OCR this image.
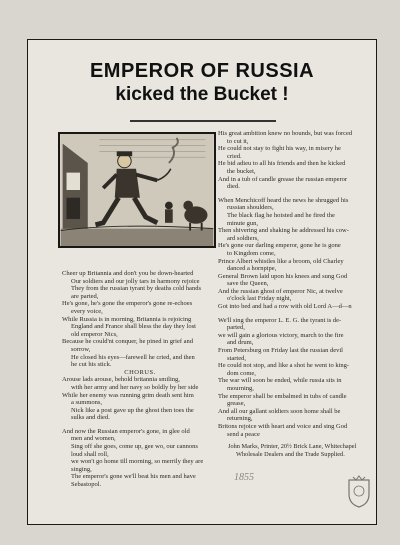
EMPEROR OF RUSSIA
kicked the Bucket !

Cheer up Britannia and don't you be down-hearted

Our soldiers and our jolly tars in harmony rejoice

They from the russian tyrant by deaths cold hands

are parted,

He's gone, he's gone the emperor's gone re-echoes

every voice,

While Russia is in morning, Britannia is rejoicing

England and France shall bless the day they lost

old emperor Nics,

Because he could'nt conquer, he pined in grief and

sorrow,

He closed his eyes—farewell he cried, and then

he cut his stick.

CHORUS.

Arouse lads arouse, behold britannia smiling,

with her army and her navy so boldly by her side

While her enemy was running grim death sent him

a summons,

Nick like a post gave up the ghost then toes the

sulks and died.

And now the Russian emperor's gone, in glee old

men and women,

Sing off she goes, come up, gee wo, our cannons

loud shall roll,

we won't go home till morning, so merrily they are

singing,

The emperor's gone we'll beat his men and have

Sebastopol.

His great ambition knew no bounds, but was forced

to cut it,

He could not stay to fight his way, in misery he

cried.

He bid adieu to all his friends and then he kicked

the bucket,

And in a tub of candle grease the russian emperor

died.

When Menchicoff heard the news he shrugged his

russian shoulders,

The black flag he hoisted and he fired the

minute gun,

Then shivering and shaking he addressed his cow-

ard soldiers,

He's gone our darling emperor, gone he is gone

to Kingdom come,

Prince Albert whistles like a broom, old Charley

danced a hornpipe,

General Brown laid upon his knees and sung God

save the Queen,

And the russian ghost of emperor Nic, at twelve

o'clock last Friday night,

Got into bed and had a row with old Lord A—d—n

We'll sing the emperor L. E. G. the tyrant is de-

parted,

we will gain a glorious victory, march to the fire

and drum,

From Petersburg on Friday last the russian devil

started,

He could not stop, and like a shot he went to king-

dom come,

The war will soon be ended, while russia sits in

mourning,

The emperor shall be embalmed in tubs of candle

grease,

And all our gallant soldiers soon home shall be

returning,

Britons rejoice with heart and voice and sing God

send a peace

John Marks, Printer, 20½ Brick Lane, Whitechapel
Wholesale Dealers and the Trade Supplied.
1855
